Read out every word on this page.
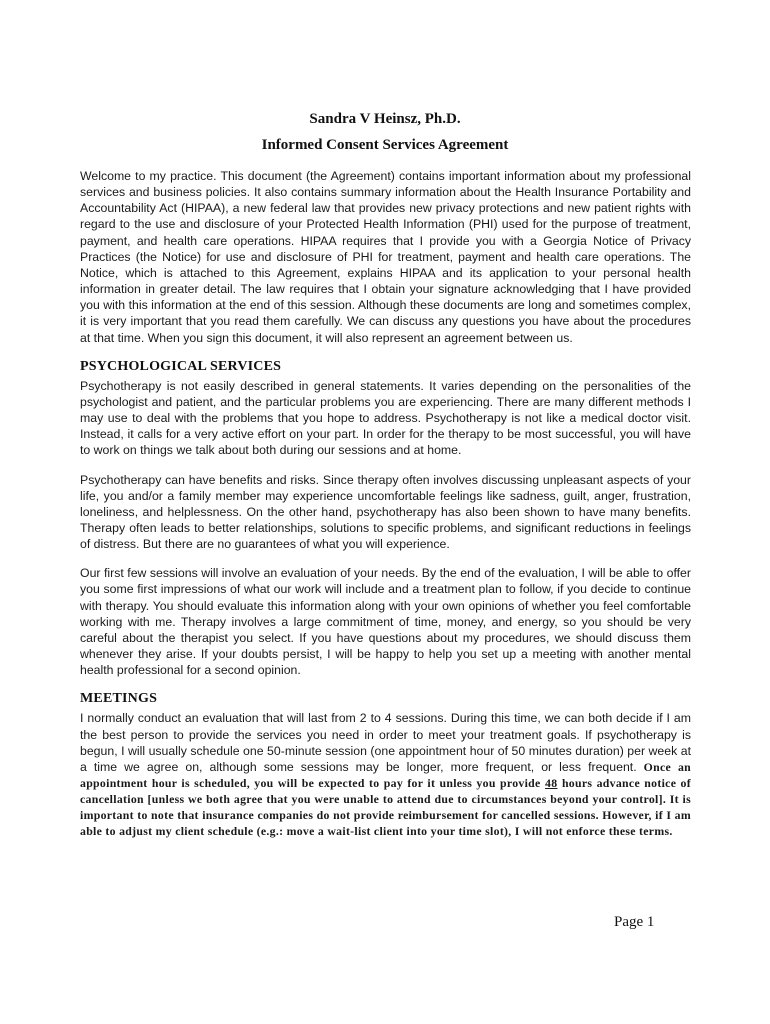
Sandra V Heinsz, Ph.D.
Informed Consent Services Agreement

Welcome to my practice. This document (the Agreement) contains important information about my professional services and business policies. It also contains summary information about the Health Insurance Portability and Accountability Act (HIPAA), a new federal law that provides new privacy protections and new patient rights with regard to the use and disclosure of your Protected Health Information (PHI) used for the purpose of treatment, payment, and health care operations. HIPAA requires that I provide you with a Georgia Notice of Privacy Practices (the Notice) for use and disclosure of PHI for treatment, payment and health care operations. The Notice, which is attached to this Agreement, explains HIPAA and its application to your personal health information in greater detail. The law requires that I obtain your signature acknowledging that I have provided you with this information at the end of this session. Although these documents are long and sometimes complex, it is very important that you read them carefully. We can discuss any questions you have about the procedures at that time. When you sign this document, it will also represent an agreement between us.

PSYCHOLOGICAL SERVICES

Psychotherapy is not easily described in general statements. It varies depending on the personalities of the psychologist and patient, and the particular problems you are experiencing. There are many different methods I may use to deal with the problems that you hope to address. Psychotherapy is not like a medical doctor visit. Instead, it calls for a very active effort on your part. In order for the therapy to be most successful, you will have to work on things we talk about both during our sessions and at home.

Psychotherapy can have benefits and risks. Since therapy often involves discussing unpleasant aspects of your life, you and/or a family member may experience uncomfortable feelings like sadness, guilt, anger, frustration, loneliness, and helplessness. On the other hand, psychotherapy has also been shown to have many benefits. Therapy often leads to better relationships, solutions to specific problems, and significant reductions in feelings of distress. But there are no guarantees of what you will experience.

Our first few sessions will involve an evaluation of your needs. By the end of the evaluation, I will be able to offer you some first impressions of what our work will include and a treatment plan to follow, if you decide to continue with therapy. You should evaluate this information along with your own opinions of whether you feel comfortable working with me. Therapy involves a large commitment of time, money, and energy, so you should be very careful about the therapist you select. If you have questions about my procedures, we should discuss them whenever they arise. If your doubts persist, I will be happy to help you set up a meeting with another mental health professional for a second opinion.

MEETINGS

I normally conduct an evaluation that will last from 2 to 4 sessions. During this time, we can both decide if I am the best person to provide the services you need in order to meet your treatment goals. If psychotherapy is begun, I will usually schedule one 50-minute session (one appointment hour of 50 minutes duration) per week at a time we agree on, although some sessions may be longer, more frequent, or less frequent. Once an appointment hour is scheduled, you will be expected to pay for it unless you provide 48 hours advance notice of cancellation [unless we both agree that you were unable to attend due to circumstances beyond your control]. It is important to note that insurance companies do not provide reimbursement for cancelled sessions. However, if I am able to adjust my client schedule (e.g.: move a wait-list client into your time slot), I will not enforce these terms.

Page 1
